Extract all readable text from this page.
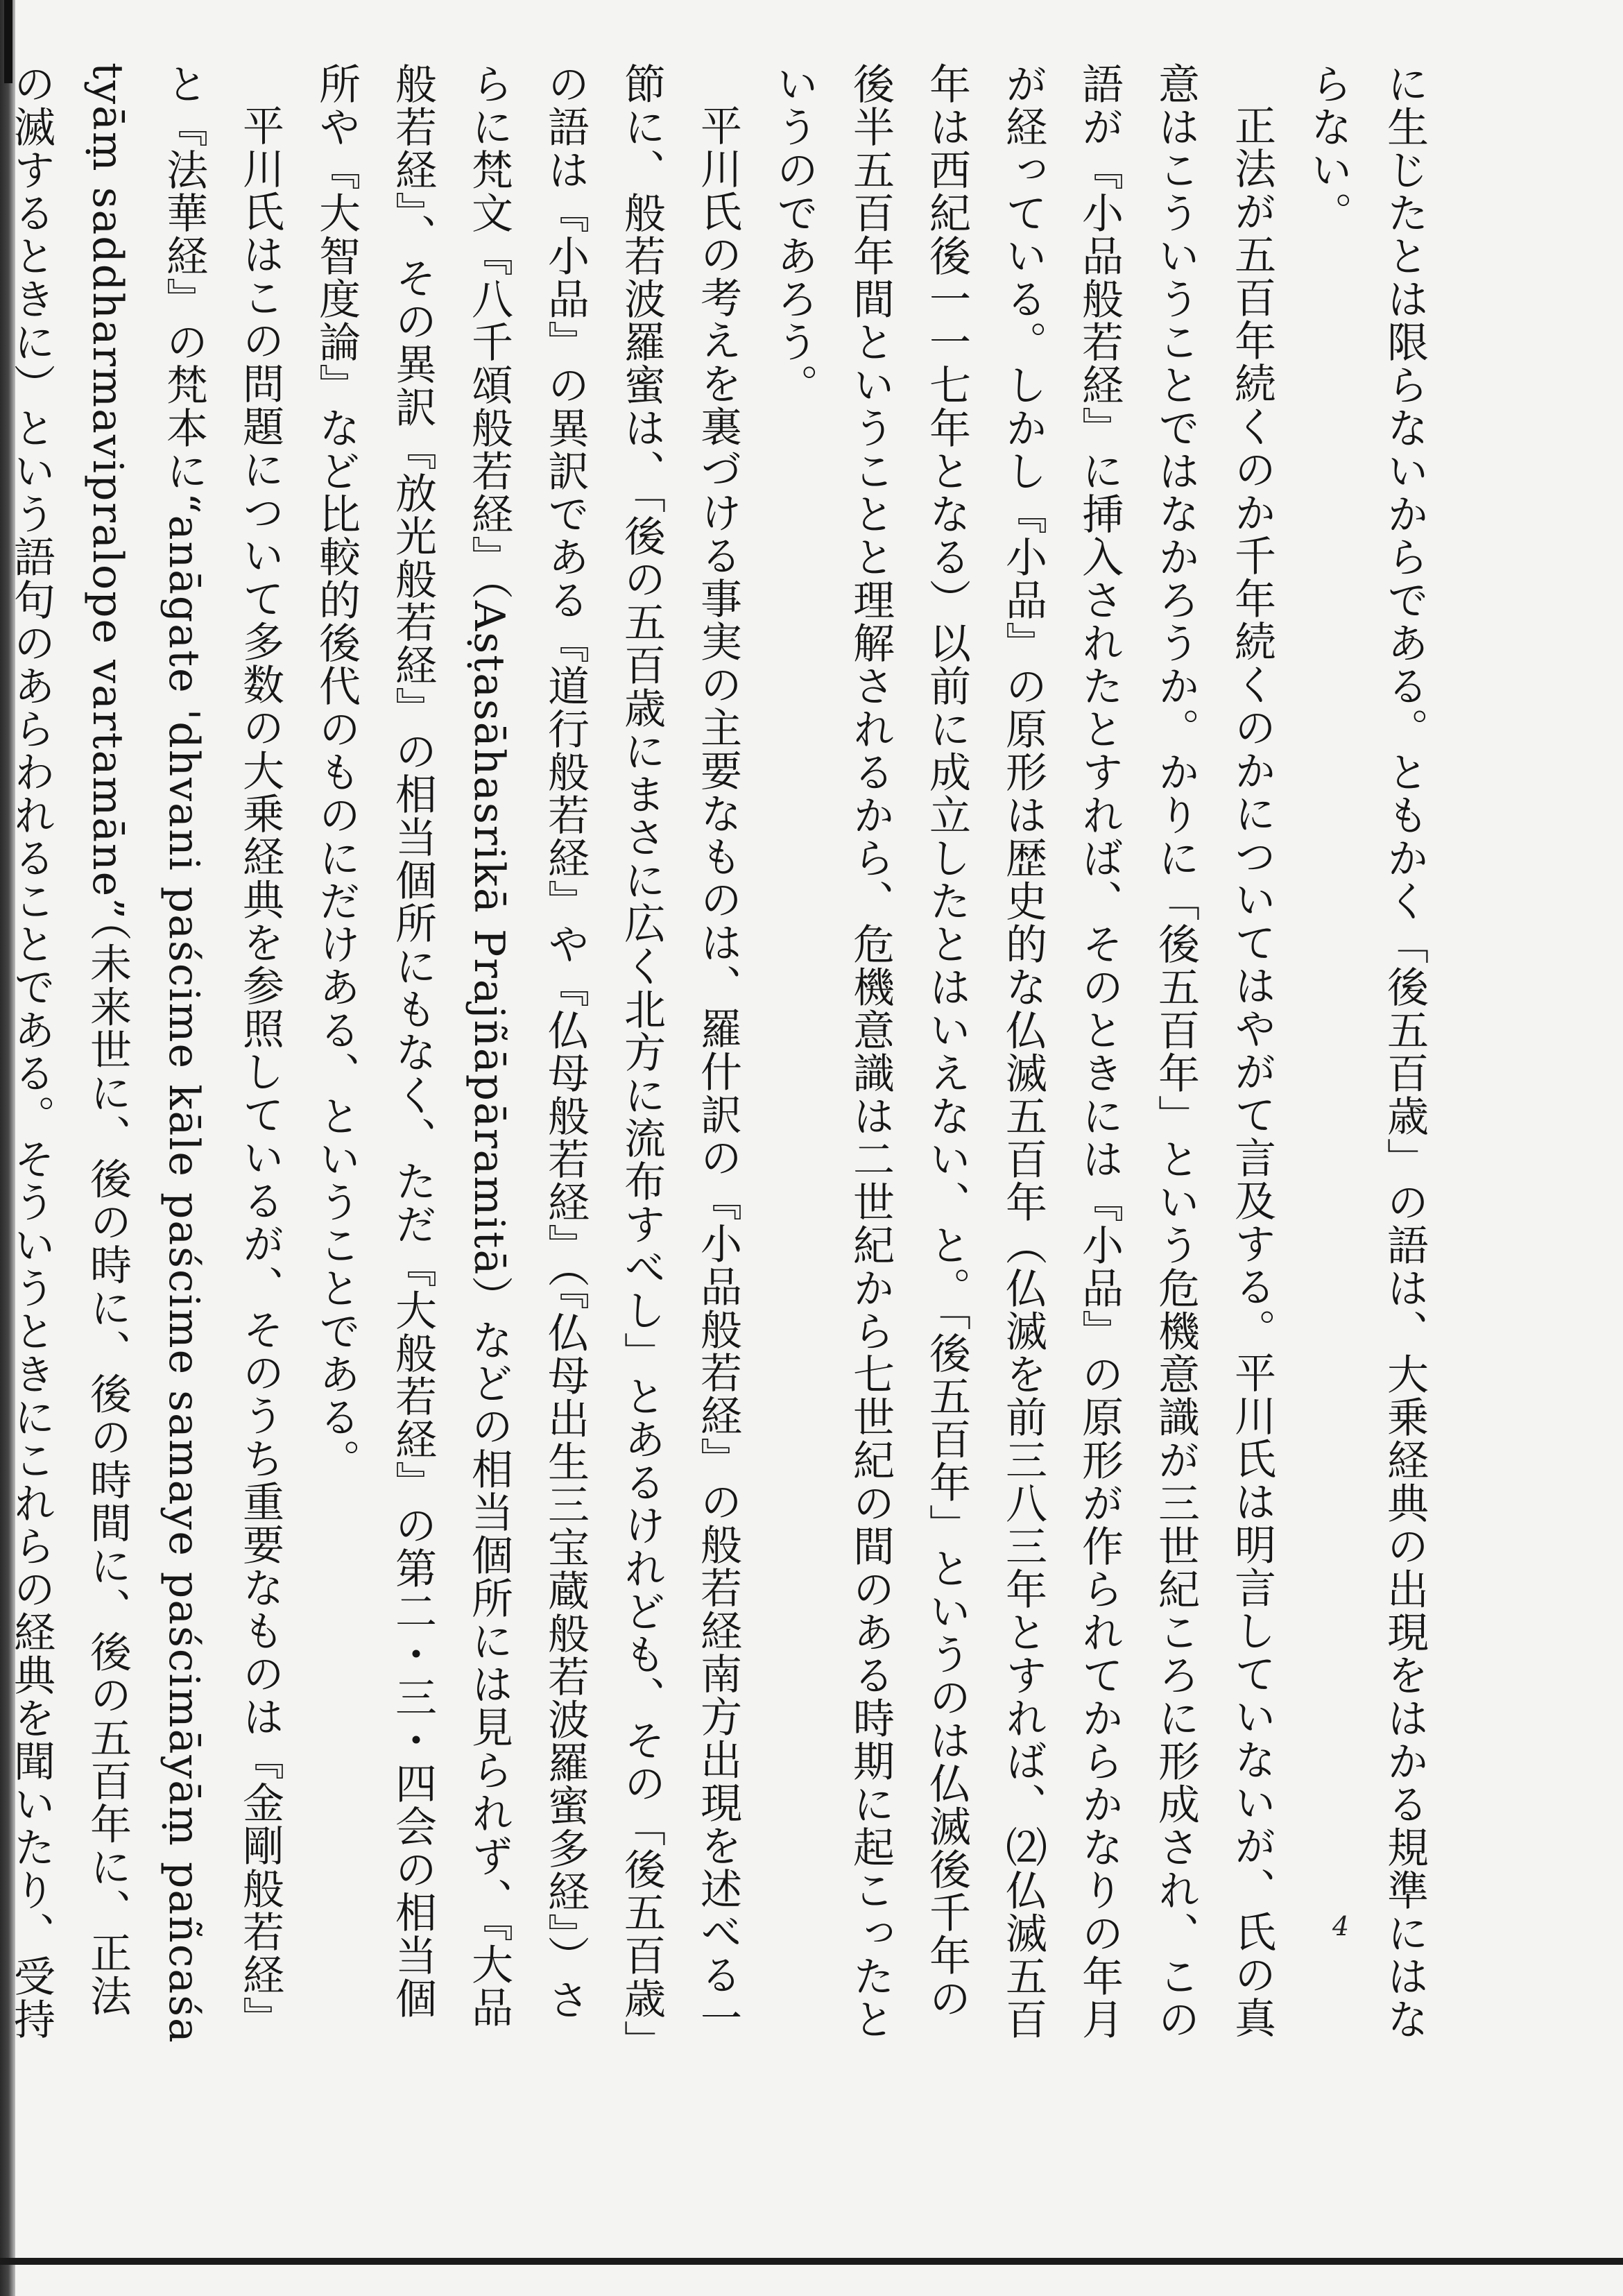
に生じたとは限らないからである。ともかく「後五百歳」の語は、大乗経典の出現をはかる規準にはならない。

正法が五百年続くのか千年続くのかについてはやがて言及する。平川氏は明言していないが、氏の真意はこういうことではなかろうか。かりに「後五百年」という危機意識が三世紀ころに形成され、この語が『小品般若経』に挿入されたとすれば、そのときには『小品』の原形が作られてからかなりの年月が経っている。しかし『小品』の原形は歴史的な仏滅五百年（仏滅を前三八三年とすれば、⑵仏滅五百年は西紀後一一七年となる）以前に成立したとはいえない、と。「後五百年」というのは仏滅後千年の後半五百年間ということと理解されるから、危機意識は二世紀から七世紀の間のある時期に起こったというのであろう。

平川氏の考えを裏づける事実の主要なものは、羅什訳の『小品般若経』の般若経南方出現を述べる一節に、般若波羅蜜は、「後の五百歳にまさに広く北方に流布すべし」とあるけれども、その「後五百歳」の語は『小品』の異訳である『道行般若経』や『仏母般若経』（『仏母出生三宝蔵般若波羅蜜多経』）さらに梵文『八千頌般若経』（Aṣṭasāhasrikā Prajñāpāramitā）などの相当個所には見られず、『大品般若経』、その異訳『放光般若経』の相当個所にもなく、ただ『大般若経』の第二・三・四会の相当個所や『大智度論』など比較的後代のものにだけある、ということである。

平川氏はこの問題について多数の大乗経典を参照しているが、そのうち重要なものは『金剛般若経』と『法華経』の梵本に“anāgate 'dhvani paścime kāle paścime samaye paścimāyāṃ pañcaśatyāṃ saddharmavipralope vartamāne”（未来世に、後の時に、後の時間に、後の五百年に、正法の滅するときに）という語句のあらわれることである。そういうときにこれらの経典を聞いたり、受持

4
